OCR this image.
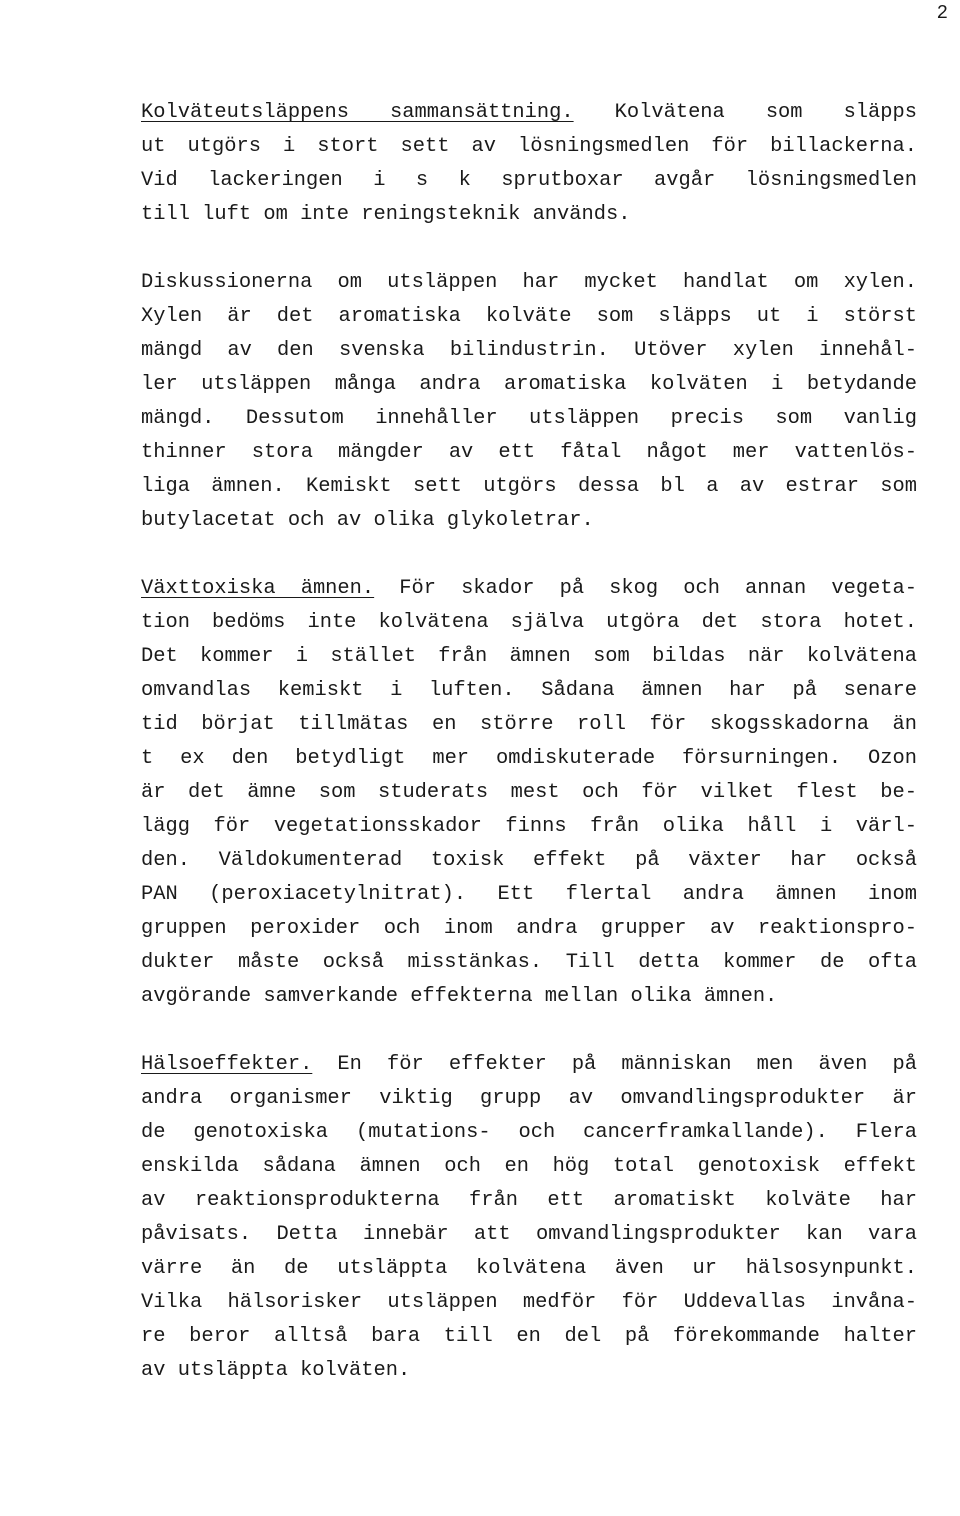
2
Kolväteutsläppens sammansättning. Kolvätena som släpps
ut utgörs i stort sett av lösningsmedlen för billackerna.
Vid lackeringen i s k sprutboxar avgår lösningsmedlen
till luft om inte reningsteknik används.
Diskussionerna om utsläppen har mycket handlat om xylen.
Xylen är det aromatiska kolväte som släpps ut i störst
mängd av den svenska bilindustrin. Utöver xylen innehål-
ler utsläppen många andra aromatiska kolväten i betydande
mängd. Dessutom innehåller utsläppen precis som vanlig
thinner stora mängder av ett fåtal något mer vattenlös-
liga ämnen. Kemiskt sett utgörs dessa bl a av estrar som
butylacetat och av olika glykoletrar.
Växttoxiska ämnen. För skador på skog och annan vegeta-
tion bedöms inte kolvätena själva utgöra det stora hotet.
Det kommer i stället från ämnen som bildas när kolvätena
omvandlas kemiskt i luften. Sådana ämnen har på senare
tid börjat tillmätas en större roll för skogsskadorna än
t ex den betydligt mer omdiskuterade försurningen. Ozon
är det ämne som studerats mest och för vilket flest be-
lägg för vegetationsskador finns från olika håll i värl-
den. Väldokumenterad toxisk effekt på växter har också
PAN (peroxiacetylnitrat). Ett flertal andra ämnen inom
gruppen peroxider och inom andra grupper av reaktionspro-
dukter måste också misstänkas. Till detta kommer de ofta
avgörande samverkande effekterna mellan olika ämnen.
Hälsoeffekter. En för effekter på människan men även på
andra organismer viktig grupp av omvandlingsprodukter är
de genotoxiska (mutations- och cancerframkallande). Flera
enskilda sådana ämnen och en hög total genotoxisk effekt
av reaktionsprodukterna från ett aromatiskt kolväte har
påvisats. Detta innebär att omvandlingsprodukter kan vara
värre än de utsläppta kolvätena även ur hälsosynpunkt.
Vilka hälsorisker utsläppen medför för Uddevallas invåna-
re beror alltså bara till en del på förekommande halter
av utsläppta kolväten.
